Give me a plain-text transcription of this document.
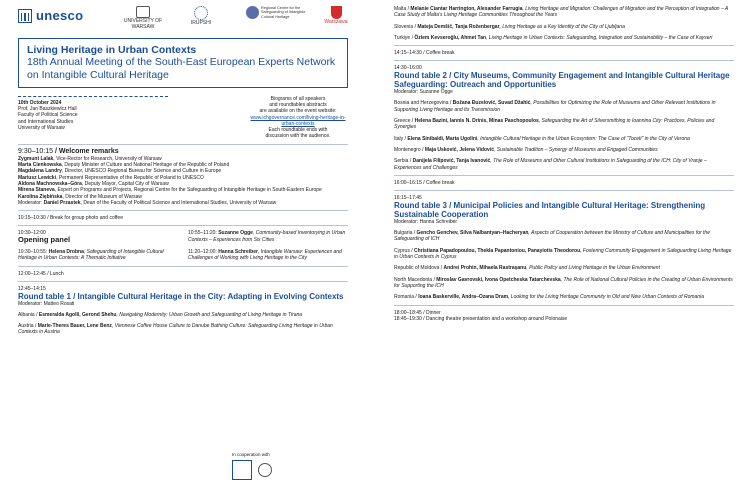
unesco	UNIVERSITY OF WARSAW
IRUPSHI
Regional Centre for the Safeguarding of Intangible Cultural Heritage
Warszawa
Living Heritage in Urban Contexts
18th Annual Meeting of the South-East European Experts Network on Intangible Cultural Heritage
10th October 2024
Prof. Jan Baszkiewicz Hall
Faculty of Political Science
and International Studies
University of Warsaw
Biograms of all speakers
and roundtables abstracts
are available on the event website:
www.ichgovernance.com/living-heritage-in-urban-contexts
Each roundtable ends with
discussion with the audience.
9:30–10:15 / Welcome remarks
Zygmunt Lalak, Vice-Rector for Research, University of Warsaw
Marta Cienkowska, Deputy Minister of Culture and National Heritage of the Republic of Poland
Magdalena Landry, Director, UNESCO Regional Bureau for Science and Culture in Europe
Mariusz Lewicki, Permanent Representative of the Republic of Poland to UNESCO
Aldona Machnowska–Góra, Deputy Mayor, Capital City of Warsaw
Mirena Staneva, Expert on Programs and Projects, Regional Centre for the Safeguarding of Intangible Heritage in South-Eastern Europe
Karolina Ziębińska, Director of the Museum of Warsaw
Moderator: Daniel Przastek, Dean of the Faculty of Political Science and International Studies, University of Warsaw
10:15–10:30 / Break for group photo and coffee
10:30–12:00
Opening panel
10:30–10:55: Helena Drobna, Safeguarding of Intangible Cultural Heritage in Urban Contexts: A Thematic Initiative
10:55–11:20: Suzanne Ogge, Community-based Inventorying in Urban Contexts – Experiences from Six Cities
11:20–12:00: Hanna Schreiber, Intangible Warsaw: Experiences and Challenges of Working with Living Heritage in the City
12:00–12:45 / Lunch
12:45–14:15
Round table 1 / Intangible Cultural Heritage in the City: Adapting in Evolving Contexts
Moderator: Matteo Rosati
Albania / Esmeralda Agolli, Gerond Shehu, Navigating Modernity: Urban Growth and Safeguarding of Living Heritage in Tirana
Austria / Marie-Theres Bauer, Lene Benz, Viennese Coffee House Culture to Danube Bathing Culture: Safeguarding Living Heritage in Urban Contexts in Austria
In cooperation with
Malta / Melanie Ciantar Harrington, Alexander Farrugia, Living Heritage and Migration: Challenges of Migration and the Perception of Integration – A Case Study of Malta's Living Heritage Communities Throughout the Years
Slovenia / Mateja Demšič, Tanja Roženbergar, Living Heritage as a Key Identity of the City of Ljubljana
Turkiye / Özlem Kevseroğlu, Ahmet Tan, Living Heritage in Urban Contexts: Safeguarding, Integration and Sustainability – the Case of Kayseri
14:15–14:30 / Coffee break
14:30–16:00
Round table 2 / City Museums, Community Engagement and Intangible Cultural Heritage Safeguarding: Outreach and Opportunities
Moderator: Suzanne Ogge
Bosnia and Herzegovina / Božana Đuzelović, Suvad Džahić, Possibilities for Optimizing the Role of Museums and Other Relevant Institutions in Supporting Living Heritage and Its Transmission
Greece / Helena Bazini, Iannis N. Drinis, Minas Paschopoulos, Safeguarding the Art of Silversmithing in Ioannina City: Practices, Policies and Synergies
Italy / Elena Sinibaldi, Marta Ugolini, Intangible Cultural Heritage in the Urban Ecosystem: The Case of "Toceti" in the City of Verona
Montenegro / Maja Usković, Jelena Vidović, Sustainable Tradition – Synergy of Museums and Engaged Communities
Serbia / Danijela Filipović, Tanja Ivanović, The Role of Museums and Other Cultural Institutions in Safeguarding of the ICH: City of Vranje – Experiences and Challenges
16:00–16:15 / Coffee break
16:15–17:45
Round table 3 / Municipal Policies and Intangible Cultural Heritage: Strengthening Sustainable Cooperation
Moderator: Hanna Schreiber
Bulgaria / Gencho Genchev, Silva Nalbantyan–Hacheryan, Aspects of Cooperation between the Ministry of Culture and Municipalities for the Safeguarding of ICH
Cyprus / Christiana Papadopoulou, Thekla Papantoniou, Panayiotis Theodorou, Fostering Community Engagement in Safeguarding Living Heritage in Urban Contexts in Cyprus
Republic of Moldova / Andrei Prohin, Mihaela Rastrașanu, Public Policy and Living Heritage in the Urban Environment
North Macedonia / Miroslav Gavrovski, Ivona Opetcheska Tatarchevska, The Role of National Cultural Policies in the Creating of Urban Environments for Supporting the ICH
Romania / Ioana Baskerville, Andra–Ozana Dram, Looking for the Living Heritage Community in Old and New Urban Contexts of Romania
18:00–18:45 / Dinner
18:45–19:30 / Dancing theatre presentation and a workshop around Polonaise
